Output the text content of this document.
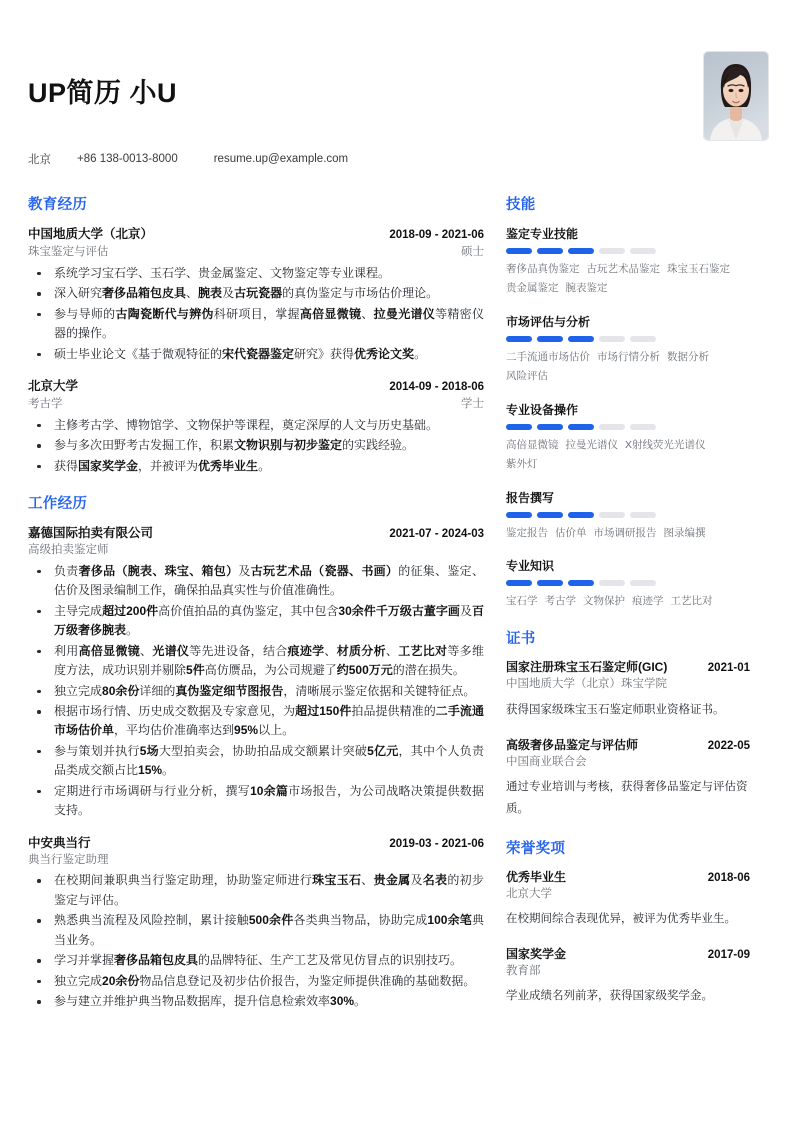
UP简历 小U
北京 +86 138-0013-8000	resume.up@example.com
教育经历
中国地质大学（北京）	2018-09 - 2021-06
珠宝鉴定与评估	硕士
系统学习宝石学、玉石学、贵金属鉴定、文物鉴定等专业课程。
深入研究奢侈品箱包皮具、腕表及古玩瓷器的真伪鉴定与市场估价理论。
参与导师的古陶瓷断代与辨伪科研项目，掌握高倍显微镜、拉曼光谱仪等精密仪器的操作。
硕士毕业论文《基于微观特征的宋代瓷器鉴定研究》获得优秀论文奖。
北京大学	2014-09 - 2018-06
考古学	学士
主修考古学、博物馆学、文物保护等课程，奠定深厚的人文与历史基础。
参与多次田野考古发掘工作，积累文物识别与初步鉴定的实践经验。
获得国家奖学金，并被评为优秀毕业生。
工作经历
嘉德国际拍卖有限公司	2021-07 - 2024-03
高级拍卖鉴定师
负责奢侈品（腕表、珠宝、箱包）及古玩艺术品（瓷器、书画）的征集、鉴定、估价及图录编制工作，确保拍品真实性与价值准确性。
主导完成超过200件高价值拍品的真伪鉴定，其中包含30余件千万级古董字画及百万级奢侈腕表。
利用高倍显微镜、光谱仪等先进设备，结合痕迹学、材质分析、工艺比对等多维度方法，成功识别并剔除5件高仿赝品，为公司规避了约500万元的潜在损失。
独立完成80余份详细的真伪鉴定细节图报告，清晰展示鉴定依据和关键特征点。
根据市场行情、历史成交数据及专家意见，为超过150件拍品提供精准的二手流通市场估价单，平均估价准确率达到95%以上。
参与策划并执行5场大型拍卖会，协助拍品成交额累计突破5亿元，其中个人负责品类成交额占比15%。
定期进行市场调研与行业分析，撰写10余篇市场报告，为公司战略决策提供数据支持。
中安典当行	2019-03 - 2021-06
典当行鉴定助理
在校期间兼职典当行鉴定助理，协助鉴定师进行珠宝玉石、贵金属及名表的初步鉴定与评估。
熟悉典当流程及风险控制，累计接触500余件各类典当物品，协助完成100余笔典当业务。
学习并掌握奢侈品箱包皮具的品牌特征、生产工艺及常见仿冒点的识别技巧。
独立完成20余份物品信息登记及初步估价报告，为鉴定师提供准确的基础数据。
参与建立并维护典当物品数据库，提升信息检索效率30%。
技能
鉴定专业技能
奢侈品真伪鉴定 古玩艺术品鉴定 珠宝玉石鉴定贵金属鉴定 腕表鉴定
市场评估与分析
二手流通市场估价 市场行情分析 数据分析风险评估
专业设备操作
高倍显微镜 拉曼光谱仪 X射线荧光光谱仪紫外灯
报告撰写
鉴定报告 估价单 市场调研报告 图录编撰
专业知识
宝石学 考古学 文物保护 痕迹学 工艺比对
证书
国家注册珠宝玉石鉴定师(GIC)	2021-01
中国地质大学（北京）珠宝学院
获得国家级珠宝玉石鉴定师职业资格证书。
高级奢侈品鉴定与评估师	2022-05
中国商业联合会
通过专业培训与考核，获得奢侈品鉴定与评估资质。
荣誉奖项
优秀毕业生	2018-06
北京大学
在校期间综合表现优异，被评为优秀毕业生。
国家奖学金	2017-09
教育部
学业成绩名列前茅，获得国家级奖学金。
